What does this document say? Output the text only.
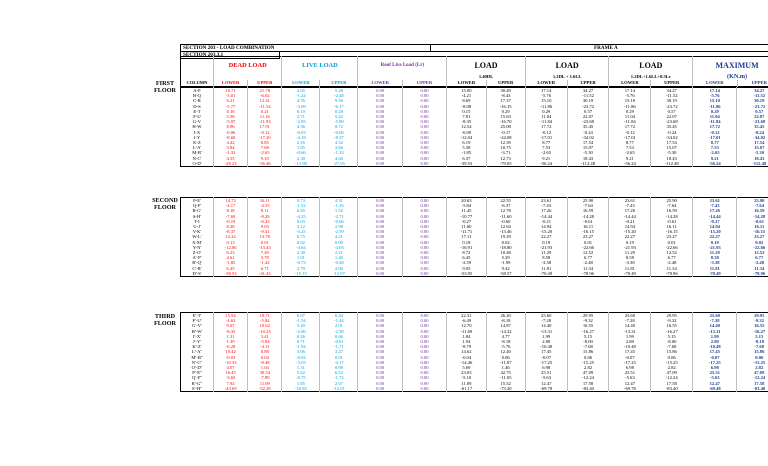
SECTION 203 - LOAD COMBINATION		FRAME A
SECTION 203.3.1		
	DEAD LOAD		LIVE LOAD		Roof Live Load (Lr)		LOAD		LOAD		LOAD		MAXIMUM	
							1.40DL		1.2DL + 1.6LL		1.2DL+1.6LL+0.5Lr		(KN.m)	
COLUMN	LOWER	UPPER	LOWER	UPPER	LOWER	UPPER	LOWER	UPPER	LOWER	UPPER	LOWER	UPPER	LOWER	UPPER
FIRST
FLOOR
SECOND
FLOOR
THIRD
FLOOR
A-F	10.71	21.78	2.65	5.28	0.00	0.00	15.00	30.49	17.14	34.27	17.14	34.27	17.14	34.27
B-Q	-3.01	-6.02	-1.24	-2.48	0.00	0.00	-4.21	-8.43	-5.76	-11.52	-5.76	-11.52	-5.76	-11.52
C-R	6.21	12.41	4.76	9.56	0.00	0.00	8.69	17.37	15.10	30.19	15.10	30.19	15.10	30.19
D-S	-5.77	-11.54	-3.09	-6.17	0.00	0.00	-8.08	-16.15	-11.86	-23.72	-11.86	-23.72	-11.86	-23.72
E-T	0.16	0.21	0.10	0.28	0.00	0.00	0.15	0.29	0.29	0.57	0.29	0.57	0.29	0.57
F-U	5.58	11.16	2.71	5.42	0.00	0.00	7.81	15.63	11.04	22.07	11.04	22.07	11.04	22.07
G-V	-5.97	-11.93	-2.95	-5.89	0.00	0.00	-8.35	-16.70	-11.84	-23.68	-11.84	-23.68	-11.84	-23.68
H-W	8.96	17.91	4.36	8.72	0.00	0.00	12.54	25.08	17.72	35.45	17.72	35.45	17.72	35.45
I-X	-0.06	-0.12	-0.03	-0.06	0.00	0.00	-0.09	-0.17	-0.12	-0.24	-0.12	-0.24	-0.12	-0.24
J-Y	-8.60	-17.20	-4.18	-8.37	0.00	0.00	-12.04	-24.08	-17.01	-34.02	-17.01	-34.02	-17.01	-34.02
K-Z	4.42	8.85	2.16	4.32	0.00	0.00	6.19	12.39	8.77	17.54	8.77	17.54	8.77	17.54
L-A'	3.84	7.68	1.85	3.66	0.00	0.00	5.38	10.75	7.53	15.07	7.53	15.07	7.53	15.07
M-B'	-1.32	-2.65	-0.66	-1.33	0.00	0.00	-1.85	-3.71	-2.65	-5.30	-2.65	-5.30	-2.65	-5.30
N-C'	4.55	9.10	2.38	4.66	0.00	0.00	6.37	12.73	9.21	18.43	9.21	18.43	9.21	18.43
O-D'	-28.23	-56.46	-13.98	-27.95	0.00	0.00	-39.53	-79.05	-56.24	-112.48	-56.24	-112.48	-56.24	-112.48
P-E'	14.73	16.11	5.73	4.31	0.00	0.00	20.63	22.55	23.61	25.90	23.61	25.90	23.61	25.90
Q-F'	-4.17	-4.55	-1.52	-1.16	0.00	0.00	-5.84	-6.37	-7.43	-7.64	-7.43	-7.64	-7.43	-7.64
R-G'	8.18	8.11	6.65	1.52	0.00	0.00	11.45	12.78	17.26	16.59	17.26	16.59	17.26	16.59
S-H'	-7.69	-8.29	-4.25	-2.71	0.00	0.00	-10.77	-11.60	-14.44	-14.28	-14.44	-14.28	-14.44	-14.28
T-I	-0.19	-0.43	0.03	-0.06	0.00	0.00	-0.27	-0.60	-0.21	-0.61	-0.21	-0.61	-0.27	-0.61
U-J'	8.28	9.03	3.12	2.98	0.00	0.00	11.60	12.64	14.94	16.11	14.94	16.11	14.94	16.11
V-K'	-8.37	-9.41	-3.25	-2.59	0.00	0.00	-11.71	-13.46	-15.20	-16.15	-15.20	-16.15	-15.20	-16.15
W-L'	12.22	13.78	6.75	4.21	0.00	0.00	17.11	19.29	22.27	23.27	22.27	23.27	22.27	23.27
X-M'	0.13	0.01	0.02	0.00	0.00	0.00	0.18	0.02	0.19	0.01	0.19	0.01	0.19	0.02
Y-N'	-12.06	-13.43	-4.64	-4.03	0.00	0.00	-16.91	-18.80	-21.93	-22.66	-21.93	-22.66	-21.93	-22.66
Z-O'	6.23	7.49	2.30	2.21	0.00	0.00	8.72	10.48	11.29	12.52	11.29	12.52	11.29	12.52
A'-P'	4.61	3.78	1.91	1.40	0.00	0.00	6.45	5.29	8.58	6.77	8.58	6.77	8.58	6.77
B'-Q'	-1.85	-1.42	-0.73	-0.48	0.00	0.00	-2.59	-1.99	-3.38	-2.48	-3.38	-2.48	-3.38	-2.48
C'-R'	6.45	6.71	2.79	2.06	0.00	0.00	9.03	9.42	11.81	11.34	11.81	11.34	11.81	11.34
D'-S'	-38.53	-41.43	-15.15	-12.97	0.00	0.00	-53.95	-58.57	-70.49	-78.96	-70.49	-78.96	-70.49	-78.96
E'-T'	15.94	18.71	6.07	6.44	0.00	0.00	22.31	26.20	25.60	29.95	25.60	29.95	25.60	29.95
F'-U'	-4.63	-5.84	-1.54	-1.44	0.00	0.00	-6.49	-8.18	-7.28	-9.32	-7.28	-9.32	-7.28	-9.32
G'-V'	9.07	10.62	5.20	2.01	0.00	0.00	12.70	14.87	14.40	16.55	14.40	16.55	14.40	16.55
H'-W'	-8.35	-10.23	-2.06	-2.58	0.00	0.00	-11.69	-14.32	-13.31	-16.27	-13.31	-16.27	-13.31	-16.27
I'-X'	1.31	3.41	0.26	0.66	0.00	0.00	1.84	4.77	1.99	5.15	1.99	5.15	1.99	5.15
J'-Y'	1.39	-5.84	0.71	-0.61	0.00	0.00	1.94	-8.18	2.80	-8.00	2.80	-8.00	2.80	-8.18
K'-Z'	-6.28	-4.11	-1.94	-1.71	0.00	0.00	-8.79	-5.76	-10.48	-7.68	-10.48	-7.68	-10.48	-7.68
L'-A''	10.44	8.88	3.06	3.27	0.00	0.00	14.62	12.40	17.45	15.86	17.45	15.86	17.45	15.86
M'-B''	-0.03	0.04	-0.02	0.01	0.00	0.00	-0.04	0.06	-0.07	0.06	-0.07	0.06	-0.07	0.06
N'-C''	-10.33	-8.48	-3.03	-3.17	0.00	0.00	-14.46	-11.87	-17.25	-15.25	-17.25	-15.25	-17.25	-15.25
O'-D''	4.07	1.04	1.31	0.98	0.00	0.00	5.69	1.46	6.98	2.82	6.98	2.82	6.98	2.82
P'-E''	16.45	30.54	5.62	6.53	0.00	0.00	23.03	42.75	25.51	47.09	25.51	47.09	25.51	47.09
Q'-F''	-3.65	-7.89	-0.75	-1.72	0.00	0.00	-5.10	-11.05	-5.63	-12.24	-5.63	-12.24	-5.63	-12.24
R'-G''	7.92	11.09	1.85	2.67	0.00	0.00	11.09	15.52	12.47	17.58	12.47	17.58	12.47	17.58
S'-H''	-43.69	-52.29	-10.85	-12.01	0.00	0.00	-61.17	-73.20	-69.78	-83.40	-69.78	-83.40	-69.48	-83.40
